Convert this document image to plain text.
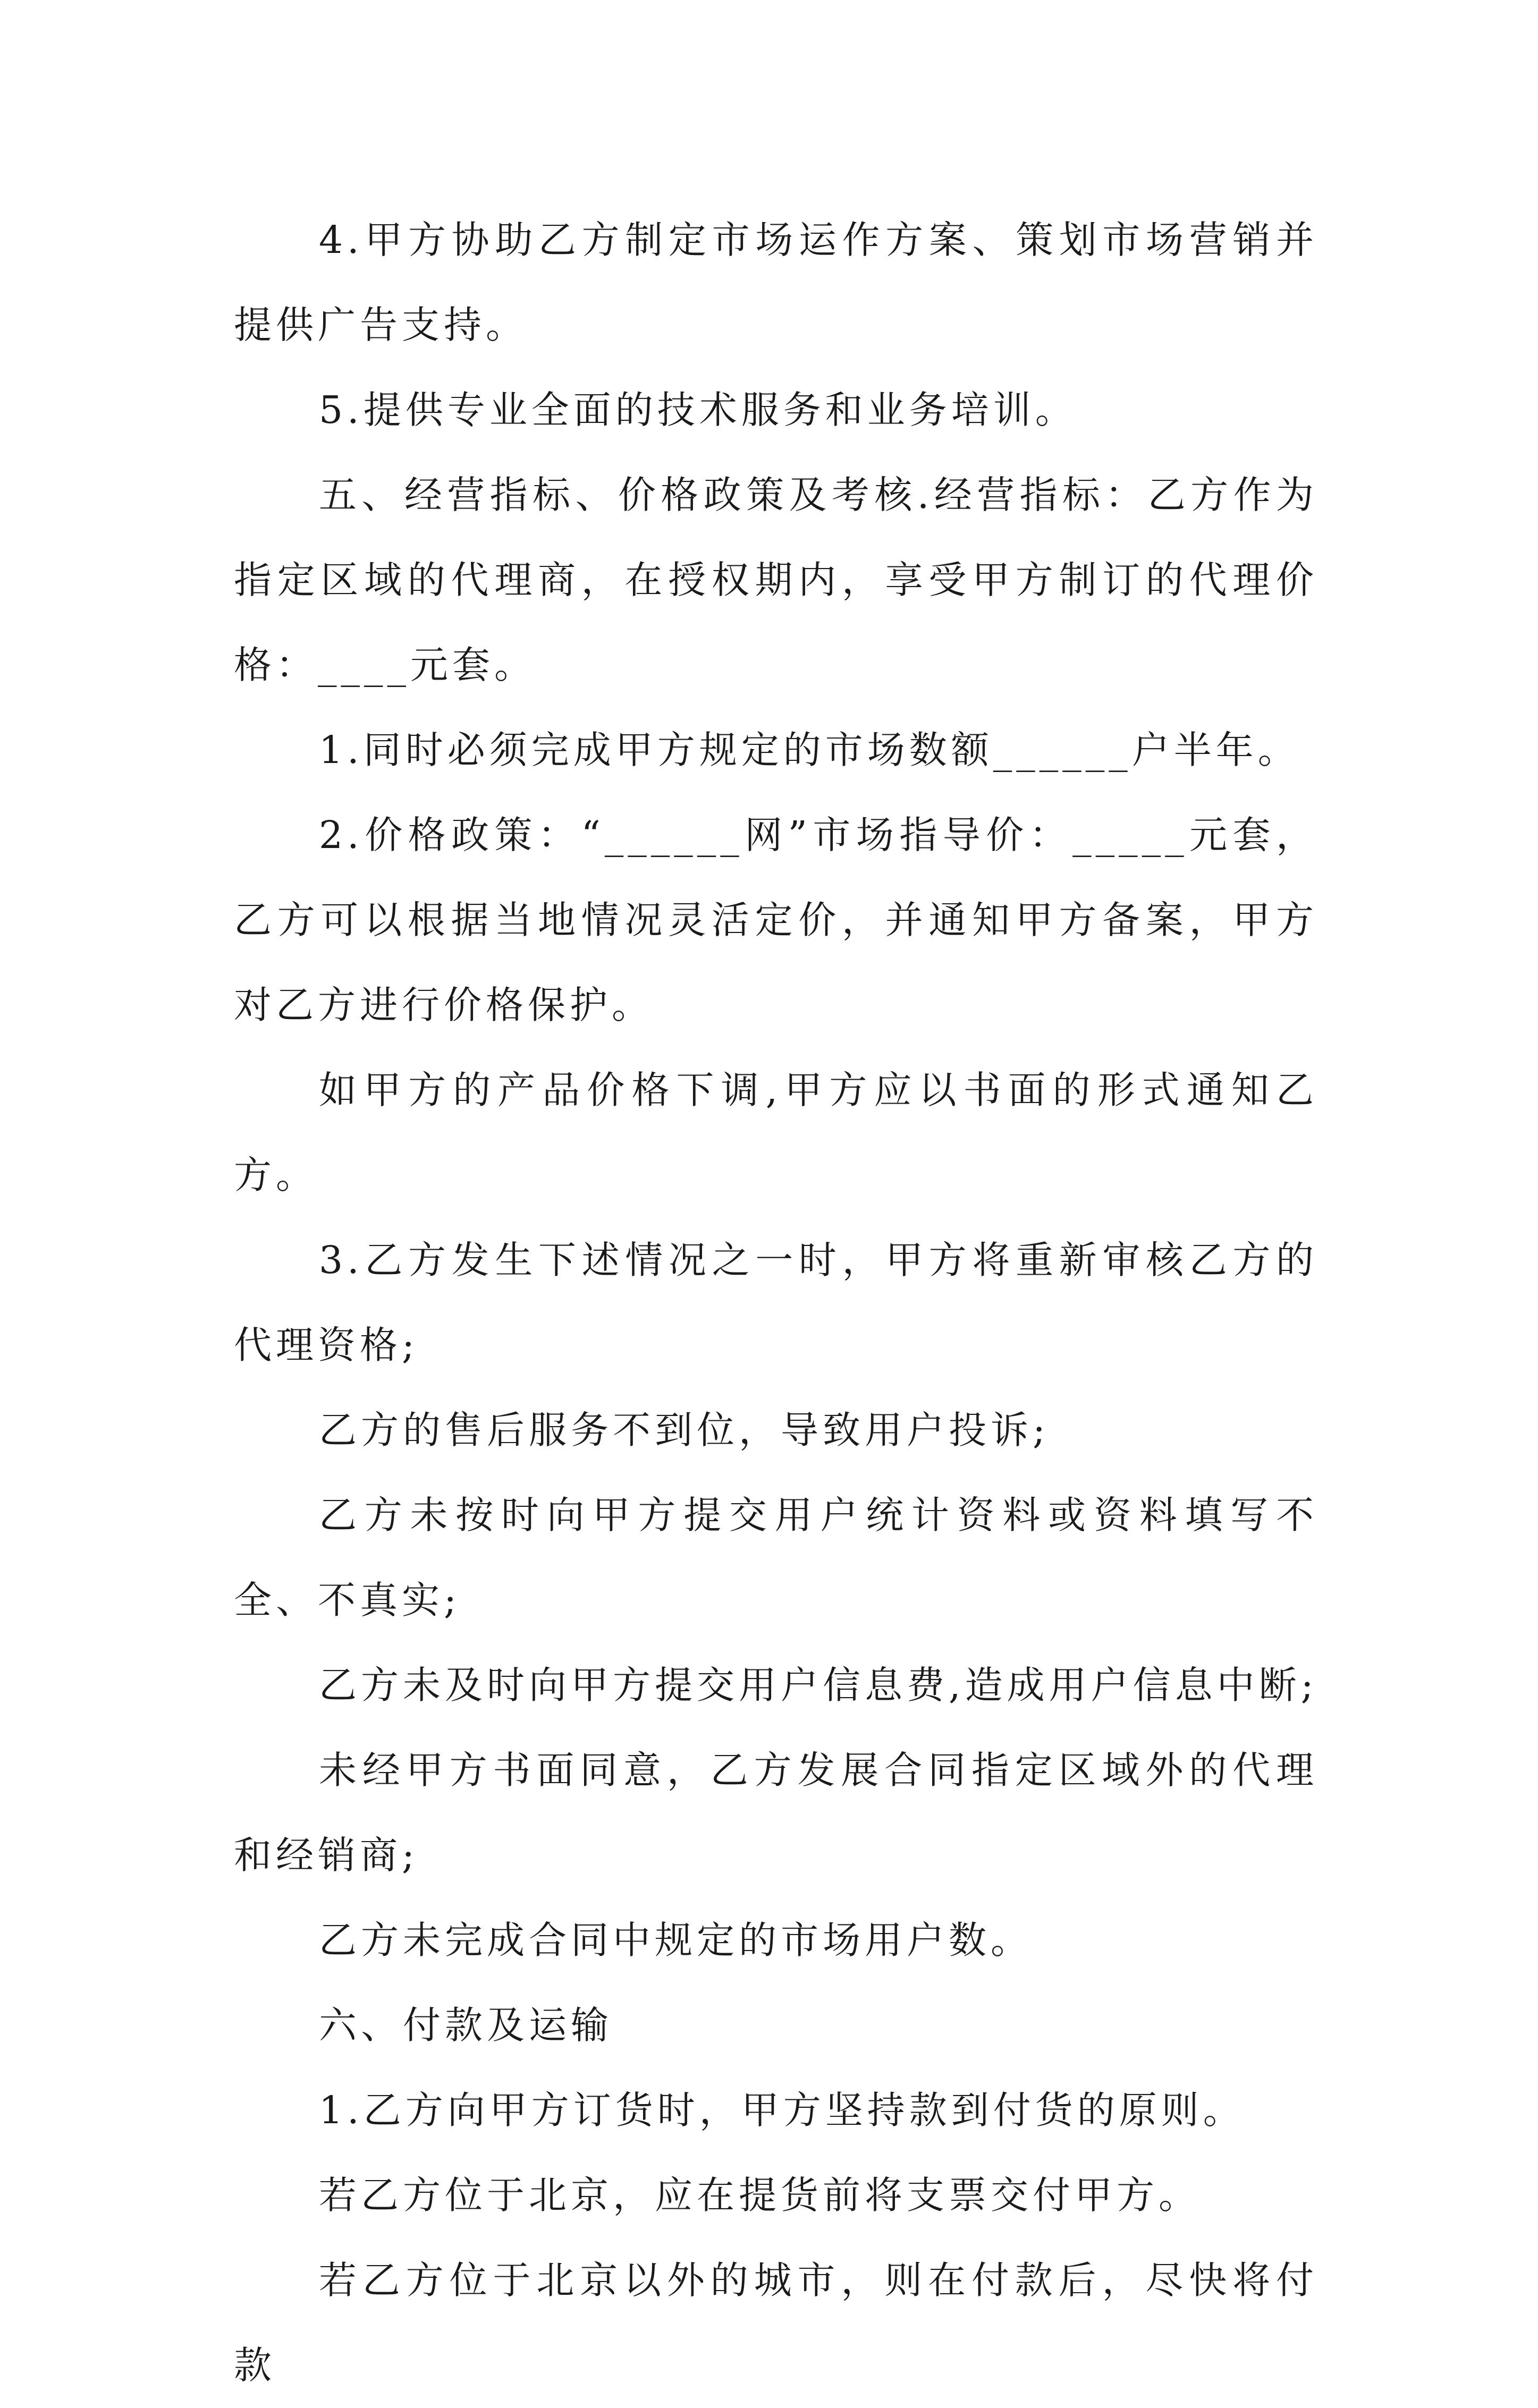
4.甲方协助乙方制定市场运作方案、策划市场营销并提供广告支持。

5.提供专业全面的技术服务和业务培训。

五、经营指标、价格政策及考核.经营指标：乙方作为指定区域的代理商，在授权期内，享受甲方制订的代理价格：____元套。

1.同时必须完成甲方规定的市场数额______户半年。

2.价格政策：“______网”市场指导价：_____元套，乙方可以根据当地情况灵活定价，并通知甲方备案，甲方对乙方进行价格保护。

如甲方的产品价格下调,甲方应以书面的形式通知乙方。

3.乙方发生下述情况之一时，甲方将重新审核乙方的代理资格;

乙方的售后服务不到位，导致用户投诉;

乙方未按时向甲方提交用户统计资料或资料填写不全、不真实;

乙方未及时向甲方提交用户信息费,造成用户信息中断;

未经甲方书面同意，乙方发展合同指定区域外的代理和经销商;

乙方未完成合同中规定的市场用户数。

六、付款及运输

1.乙方向甲方订货时，甲方坚持款到付货的原则。

若乙方位于北京，应在提货前将支票交付甲方。

若乙方位于北京以外的城市，则在付款后，尽快将付款
